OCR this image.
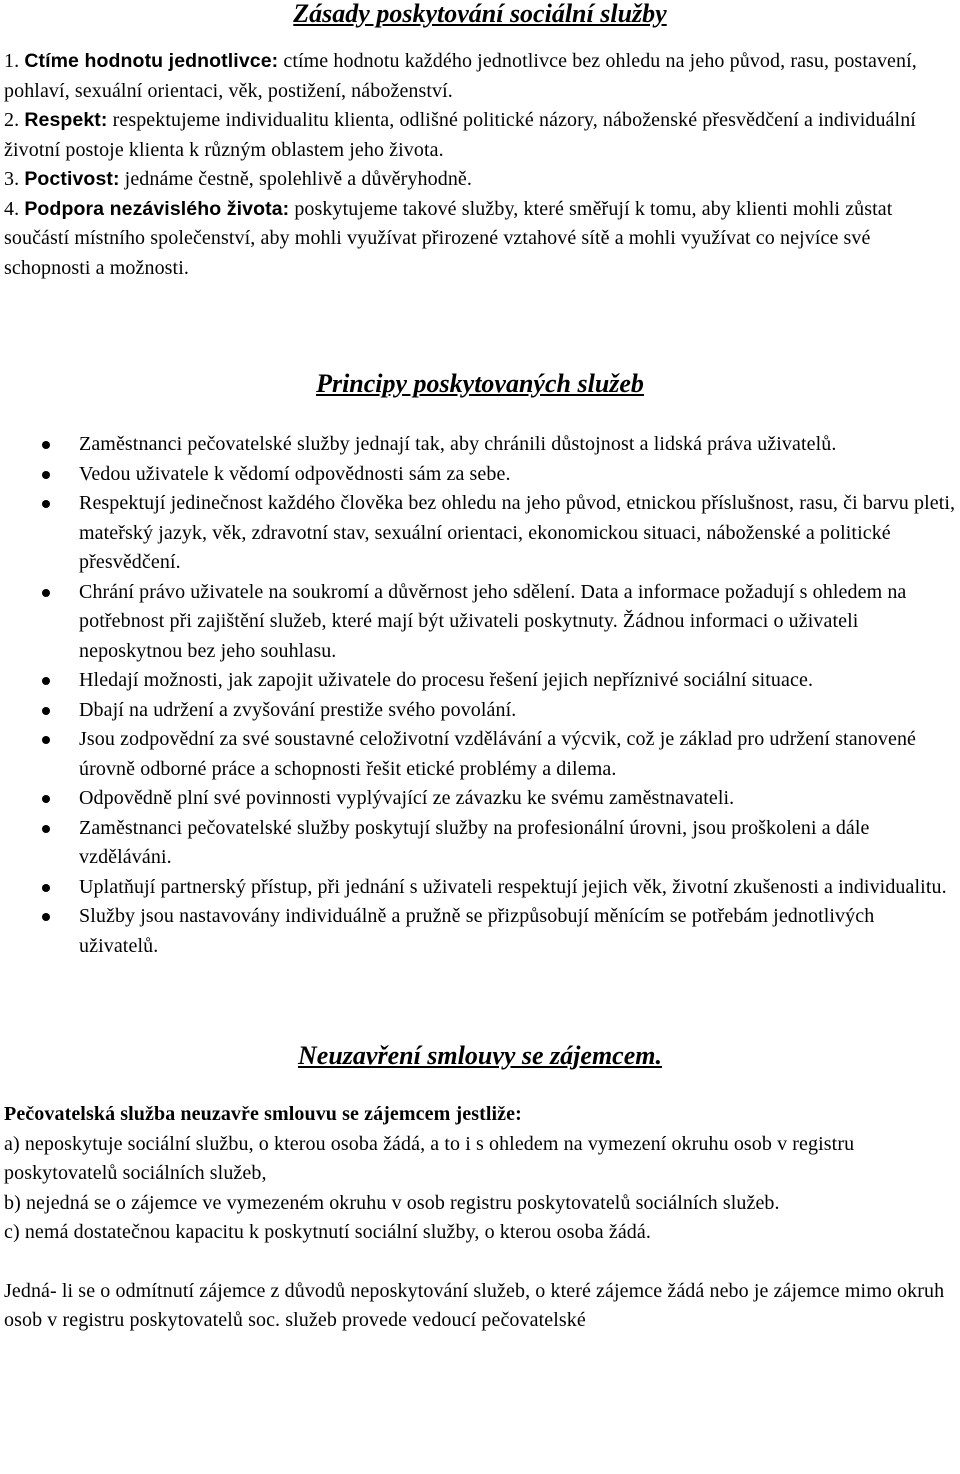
Zásady poskytování sociální služby

1. Ctíme hodnotu jednotlivce: ctíme hodnotu každého jednotlivce bez ohledu na jeho původ, rasu, postavení, pohlaví, sexuální orientaci, věk, postižení, náboženství.

2. Respekt: respektujeme individualitu klienta, odlišné politické názory, náboženské přesvědčení a individuální životní postoje klienta k různým oblastem jeho života.

3. Poctivost: jednáme čestně, spolehlivě a důvěryhodně.

4. Podpora nezávislého života: poskytujeme takové služby, které směřují k tomu, aby klienti mohli zůstat součástí místního společenství, aby mohli využívat přirozené vztahové sítě a mohli využívat co nejvíce své schopnosti a možnosti.

Principy poskytovaných služeb
Zaměstnanci pečovatelské služby jednají tak, aby chránili důstojnost a lidská práva uživatelů.
Vedou uživatele k vědomí odpovědnosti sám za sebe.
Respektují jedinečnost každého člověka bez ohledu na jeho původ, etnickou příslušnost, rasu, či barvu pleti, mateřský jazyk, věk, zdravotní stav, sexuální orientaci, ekonomickou situaci, náboženské a politické přesvědčení.
Chrání právo uživatele na soukromí a důvěrnost jeho sdělení. Data a informace požadují s ohledem na potřebnost při zajištění služeb, které mají být uživateli poskytnuty. Žádnou informaci o uživateli neposkytnou bez jeho souhlasu.
Hledají možnosti, jak zapojit uživatele do procesu řešení jejich nepříznivé sociální situace.
Dbají na udržení a zvyšování prestiže svého povolání.
Jsou zodpovědní za své soustavné celoživotní vzdělávání a výcvik, což je základ pro udržení stanovené úrovně odborné práce a schopnosti řešit etické problémy a dilema.
Odpovědně plní své povinnosti vyplývající ze závazku ke svému zaměstnavateli.
Zaměstnanci pečovatelské služby poskytují služby na profesionální úrovni, jsou proškoleni a dále vzděláváni.
Uplatňují partnerský přístup, při jednání s uživateli respektují jejich věk, životní zkušenosti a individualitu.
Služby jsou nastavovány individuálně a pružně se přizpůsobují měnícím se potřebám jednotlivých uživatelů.
Neuzavření smlouvy se zájemcem.

Pečovatelská služba neuzavře smlouvu se zájemcem jestliže:

a) neposkytuje sociální službu, o kterou osoba žádá, a to i s ohledem na vymezení okruhu osob v registru poskytovatelů sociálních služeb,

b) nejedná se o zájemce ve vymezeném okruhu v osob registru poskytovatelů sociálních služeb.

c) nemá dostatečnou kapacitu k poskytnutí sociální služby, o kterou osoba žádá.

Jedná- li se o odmítnutí zájemce z důvodů neposkytování služeb, o které zájemce žádá nebo je zájemce mimo okruh osob v registru poskytovatelů soc. služeb provede vedoucí pečovatelské
